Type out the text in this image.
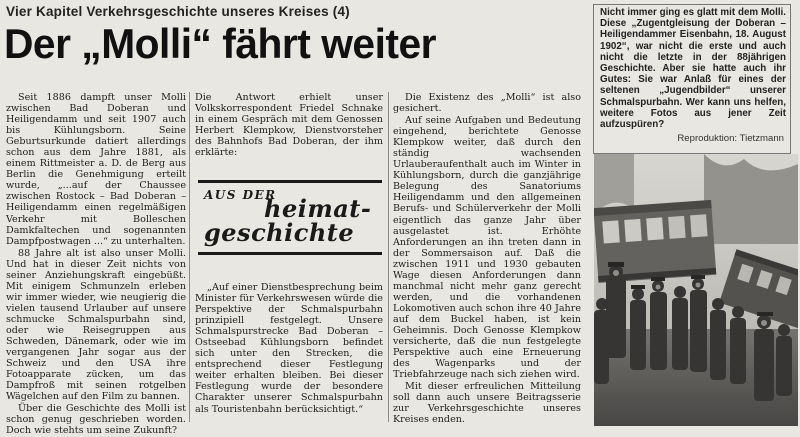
Vier Kapitel Verkehrsgeschichte unseres Kreises (4)
Der „Molli“ fährt weiter

Seit 1886 dampft unser Molli zwischen Bad Doberan und Heiligendamm und seit 1907 auch bis Kühlungsborn. Seine Geburtsurkunde datiert allerdings schon aus dem Jahre 1881, als einem Rittmeister a. D. de Berg aus Berlin die Genehmigung erteilt wurde, „...auf der Chaussee zwischen Rostock – Bad Doberan – Heiligendamm einen regelmäßigen Verkehr mit Bolleschen Damkfaltechen und sogenannten Dampfpostwagen ...“ zu unterhalten.

88 Jahre alt ist also unser Molli. Und hat in dieser Zeit nichts von seiner Anziehungskraft eingebüßt. Mit einigem Schmunzeln erleben wir immer wieder, wie neugierig die vielen tausend Urlauber auf unsere schmucke Schmalspurbahn sind, oder wie Reisegruppen aus Schweden, Dänemark, oder wie im vergangenen Jahr sogar aus der Schweiz und den USA ihre Fotoapparate zücken, um das Dampfroß mit seinen rotgelben Wägelchen auf den Film zu bannen.

Über die Geschichte des Molli ist schon genug geschrieben worden. Doch wie stehts um seine Zukunft?

Die Antwort erhielt unser Volkskorrespondent Friedel Schnake in einem Gespräch mit dem Genossen Herbert Klempkow, Dienstvorsteher des Bahnhofs Bad Doberan, der ihm erklärte:

AUS DER
heimat-
geschichte

„Auf einer Dienstbesprechung beim Minister für Verkehrswesen würde die Perspektive der Schmalspurbahn prinzipiell festgelegt. Unsere Schmalspurstrecke Bad Doberan – Ostseebad Kühlungsborn befindet sich unter den Strecken, die entsprechend dieser Festlegung weiter erhalten bleiben. Bei dieser Festlegung wurde der besondere Charakter unserer Schmalspurbahn als Touristenbahn berücksichtigt.“

Die Existenz des „Molli“ ist also gesichert.

Auf seine Aufgaben und Bedeutung eingehend, berichtete Genosse Klempkow weiter, daß durch den ständig wachsenden Urlauberaufenthalt auch im Winter in Kühlungsborn, durch die ganzjährige Belegung des Sanatoriums Heiligendamm und den allgemeinen Berufs- und Schülerverkehr der Molli eigentlich das ganze Jahr über ausgelastet ist. Erhöhte Anforderungen an ihn treten dann in der Sommersaison auf. Daß die zwischen 1911 und 1930 gebauten Wage diesen Anforderungen dann manchmal nicht mehr ganz gerecht werden, und die vorhandenen Lokomotiven auch schon ihre 40 Jahre auf dem Buckel haben, ist kein Geheimnis. Doch Genosse Klempkow versicherte, daß die nun festgelegte Perspektive auch eine Erneuerung des Wagenparks und der Triebfahrzeuge nach sich ziehen wird.

Mit dieser erfreulichen Mitteilung soll dann auch unsere Beitragsserie zur Verkehrsgeschichte unseres Kreises enden.

Nicht immer ging es glatt mit dem Molli. Diese „Zugentgleisung der Doberan – Heiligendammer Eisenbahn, 18. August 1902“, war nicht die erste und auch nicht die letzte in der 88jährigen Geschichte. Aber sie hatte auch ihr Gutes: Sie war Anlaß für eines der seltenen „Jugendbilder“ unserer Schmalspurbahn. Wer kann uns helfen, weitere Fotos aus jener Zeit aufzuspüren?
Reproduktion: Tietzmann
